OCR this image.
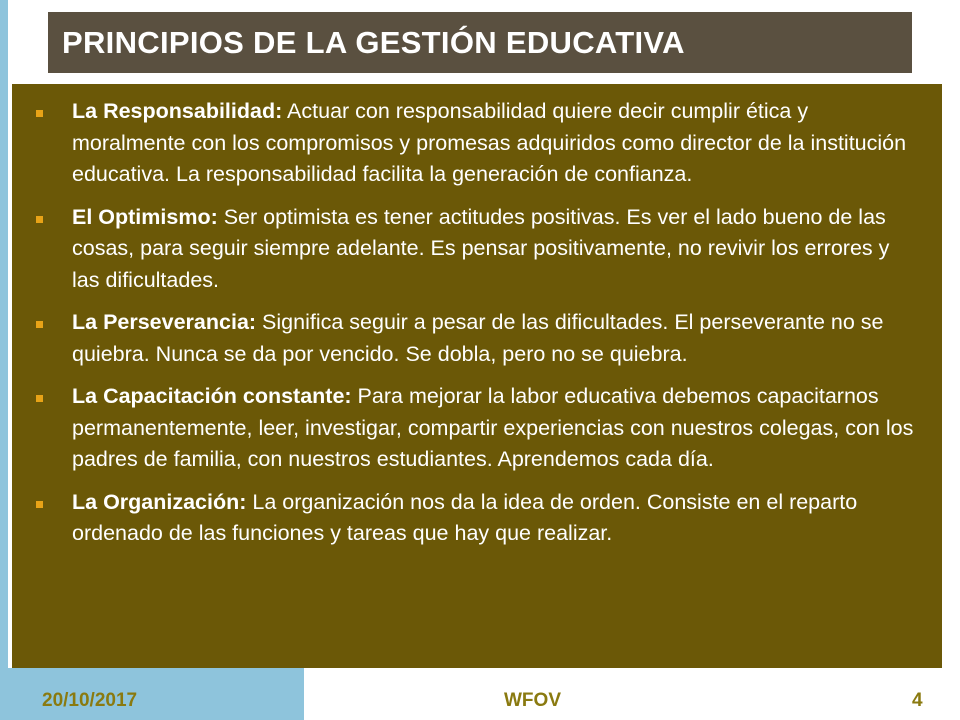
PRINCIPIOS DE LA GESTIÓN EDUCATIVA
La Responsabilidad: Actuar con responsabilidad quiere decir cumplir ética y moralmente con los compromisos y promesas adquiridos como director de la institución educativa. La responsabilidad facilita la generación de confianza.
El Optimismo: Ser optimista es tener actitudes positivas. Es ver el lado bueno de las cosas, para seguir siempre adelante. Es pensar positivamente, no revivir los errores y las dificultades.
La Perseverancia: Significa seguir a pesar de las dificultades. El perseverante no se quiebra. Nunca se da por vencido. Se dobla, pero no se quiebra.
La Capacitación constante: Para mejorar la labor educativa debemos capacitarnos permanentemente, leer, investigar, compartir experiencias con nuestros colegas, con los padres de familia, con nuestros estudiantes. Aprendemos cada día.
La Organización: La organización nos da la idea de orden. Consiste en el reparto ordenado de las funciones y tareas que hay que realizar.
20/10/2017	WFOV	4
